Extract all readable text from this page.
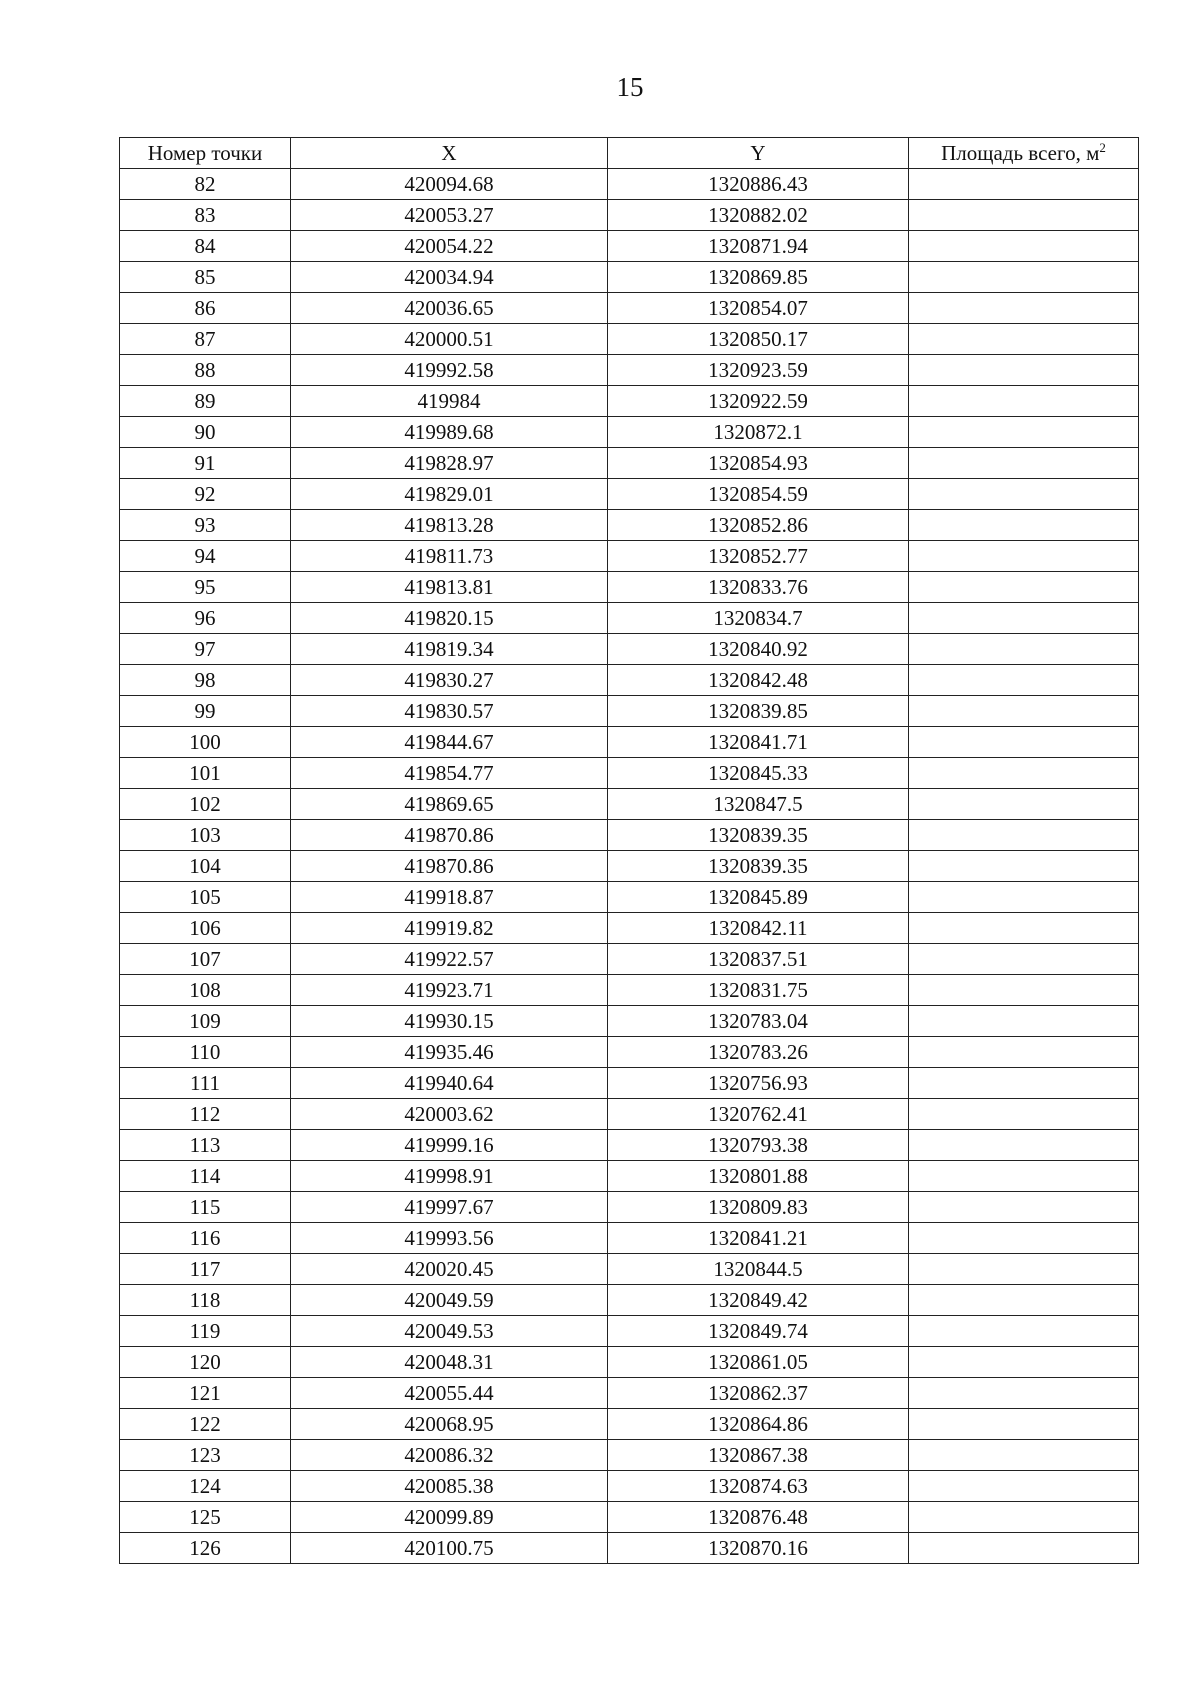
15
Номер точки	X	Y	Площадь всего, $м^2$
82	420094.68	1320886.43	
83	420053.27	1320882.02	
84	420054.22	1320871.94	
85	420034.94	1320869.85	
86	420036.65	1320854.07	
87	420000.51	1320850.17	
88	419992.58	1320923.59	
89	419984	1320922.59	
90	419989.68	1320872.1	
91	419828.97	1320854.93	
92	419829.01	1320854.59	
93	419813.28	1320852.86	
94	419811.73	1320852.77	
95	419813.81	1320833.76	
96	419820.15	1320834.7	
97	419819.34	1320840.92	
98	419830.27	1320842.48	
99	419830.57	1320839.85	
100	419844.67	1320841.71	
101	419854.77	1320845.33	
102	419869.65	1320847.5	
103	419870.86	1320839.35	
104	419870.86	1320839.35	
105	419918.87	1320845.89	
106	419919.82	1320842.11	
107	419922.57	1320837.51	
108	419923.71	1320831.75	
109	419930.15	1320783.04	
110	419935.46	1320783.26	
111	419940.64	1320756.93	
112	420003.62	1320762.41	
113	419999.16	1320793.38	
114	419998.91	1320801.88	
115	419997.67	1320809.83	
116	419993.56	1320841.21	
117	420020.45	1320844.5	
118	420049.59	1320849.42	
119	420049.53	1320849.74	
120	420048.31	1320861.05	
121	420055.44	1320862.37	
122	420068.95	1320864.86	
123	420086.32	1320867.38	
124	420085.38	1320874.63	
125	420099.89	1320876.48	
126	420100.75	1320870.16	
